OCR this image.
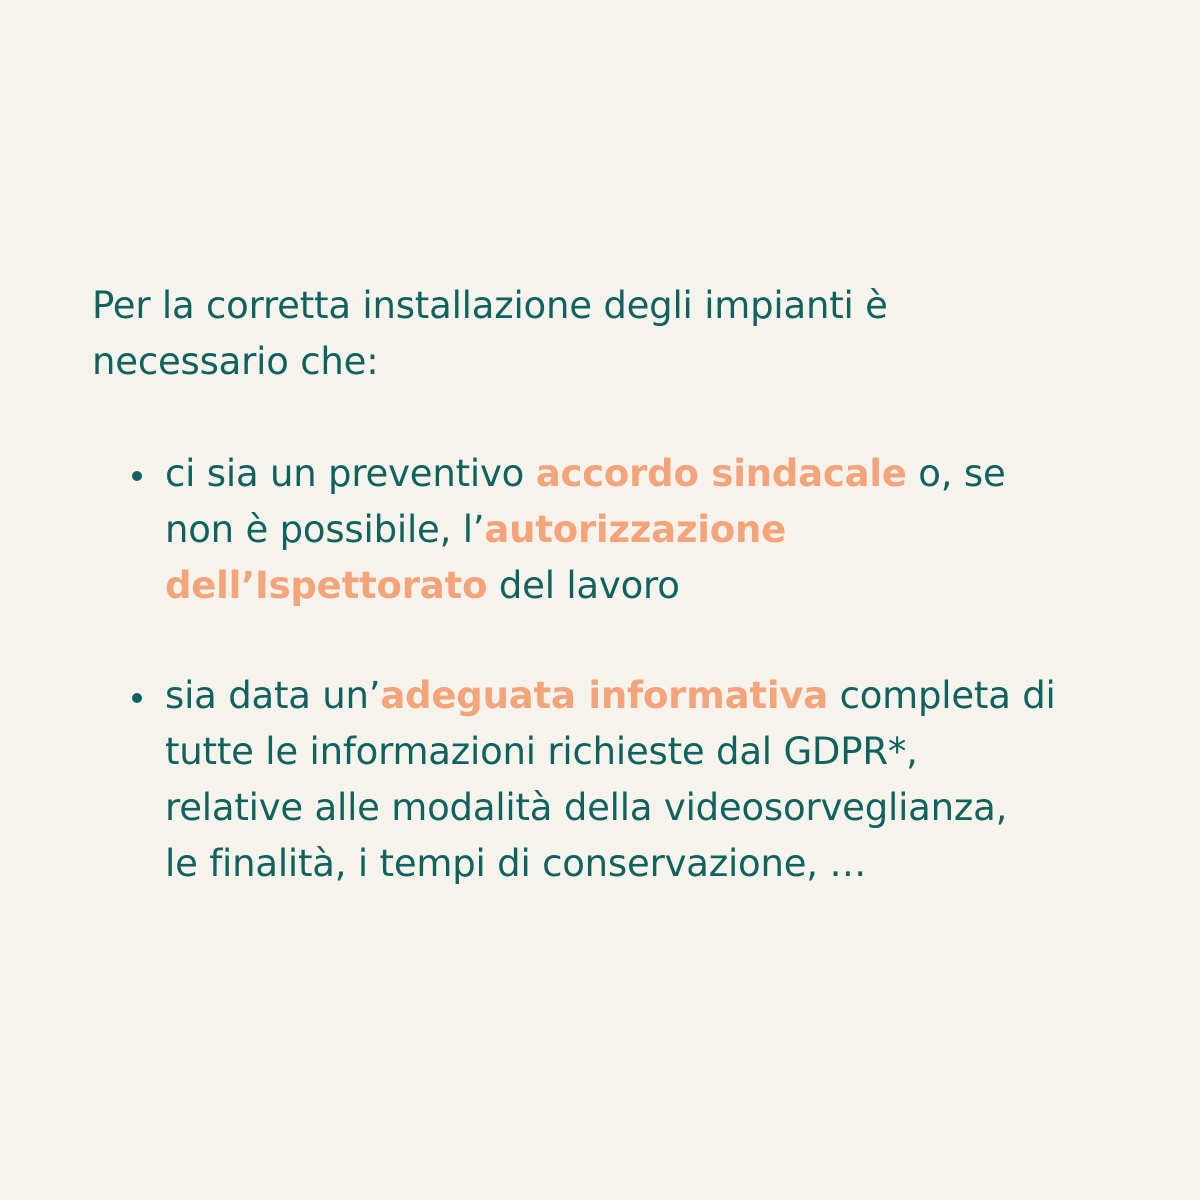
Per la corretta installazione degli impianti è
necessario che:

ci sia un preventivo accordo sindacale o, se
non è possibile, l’autorizzazione
dell’Ispettorato del lavoro
sia data un’adeguata informativa completa di
tutte le informazioni richieste dal GDPR*,
relative alle modalità della videosorveglianza,
le finalità, i tempi di conservazione, …
